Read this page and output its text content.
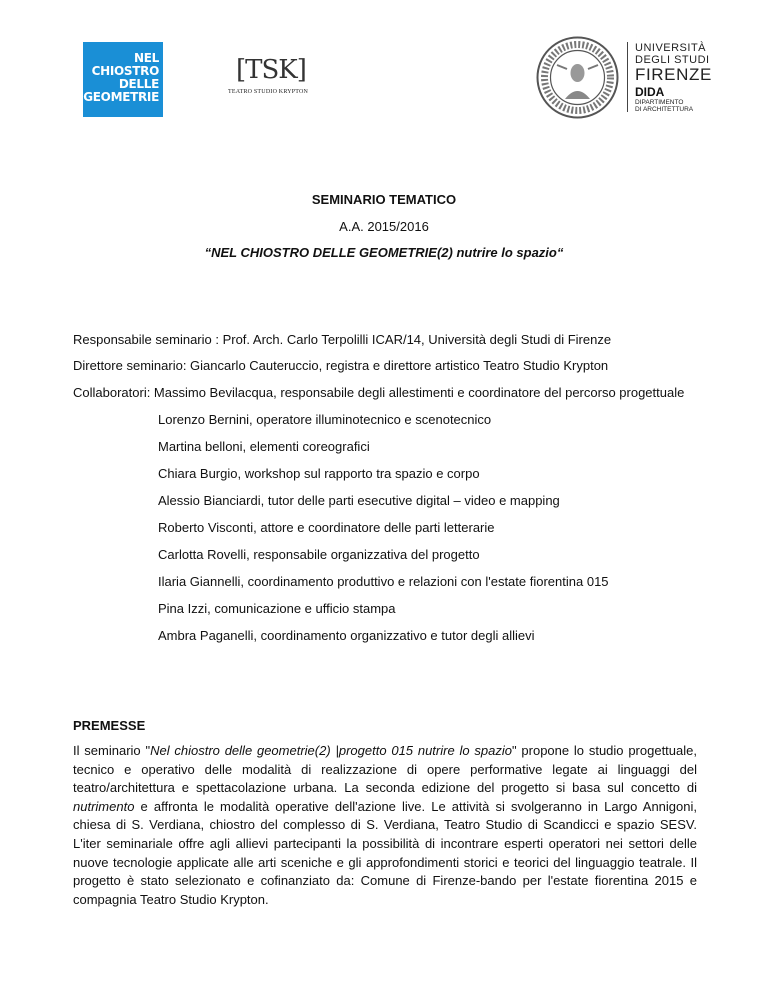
NEL
CHIOSTRO
DELLE
GEOMETRIE
[TSK]
TEATRO STUDIO KRYPTON
UNIVERSITÀ
DEGLI STUDI
FIRENZE
DIDA
DIPARTIMENTO
DI ARCHITETTURA
SEMINARIO TEMATICO
A.A. 2015/2016
“NEL CHIOSTRO DELLE GEOMETRIE(2) nutrire lo spazio“
Responsabile seminario : Prof. Arch. Carlo Terpolilli ICAR/14, Università degli Studi di Firenze
Direttore seminario: Giancarlo Cauteruccio, registra e direttore artistico Teatro Studio Krypton
Collaboratori: Massimo Bevilacqua, responsabile degli allestimenti e coordinatore del percorso progettuale
Lorenzo Bernini, operatore illuminotecnico e scenotecnico
Martina belloni, elementi coreografici
Chiara Burgio, workshop sul rapporto tra spazio e corpo
Alessio Bianciardi, tutor delle parti esecutive digital – video e mapping
Roberto Visconti, attore e coordinatore delle parti letterarie
Carlotta Rovelli, responsabile organizzativa del progetto
Ilaria Giannelli, coordinamento produttivo e relazioni con l'estate fiorentina 015
Pina Izzi, comunicazione e ufficio stampa
Ambra Paganelli, coordinamento organizzativo e tutor degli allievi
PREMESSE
Il seminario "Nel chiostro delle geometrie(2) |progetto 015 nutrire lo spazio" propone lo studio progettuale, tecnico e operativo delle modalità di realizzazione di opere performative legate ai linguaggi del teatro/architettura e spettacolazione urbana. La seconda edizione del progetto si basa sul concetto di nutrimento e affronta le modalità operative dell'azione live. Le attività si svolgeranno in Largo Annigoni, chiesa di S. Verdiana, chiostro del complesso di S. Verdiana, Teatro Studio di Scandicci e spazio SESV. L'iter seminariale offre agli allievi partecipanti la possibilità di incontrare esperti operatori nei settori delle nuove tecnologie applicate alle arti sceniche e gli approfondimenti storici e teorici del linguaggio teatrale. Il progetto è stato selezionato e cofinanziato da: Comune di Firenze-bando per l'estate fiorentina 2015 e compagnia Teatro Studio Krypton.
